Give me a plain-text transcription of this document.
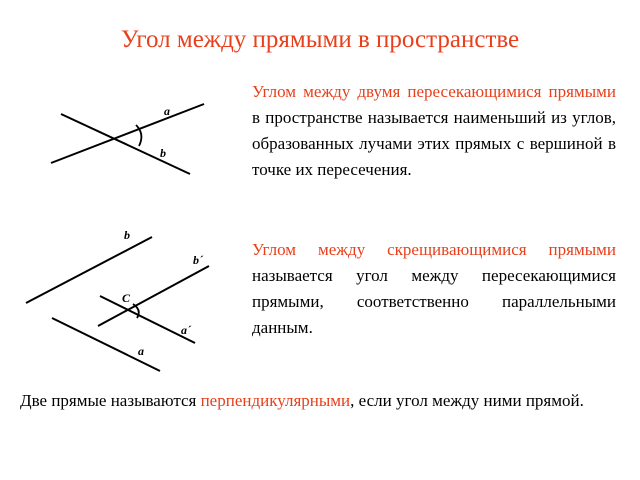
Угол между прямыми в пространстве
a
b
b
b´
C
a´
a

Углом между двумя пересекающимися прямыми в пространстве называется наименьший из углов, образованных лучами этих прямых с вершиной в точке их пересечения.

Углом между скрещивающимися прямыми называется угол между пересекающимися прямыми, соответственно параллельными данным.

Две прямые называются перпендикулярными, если угол между ними прямой.
